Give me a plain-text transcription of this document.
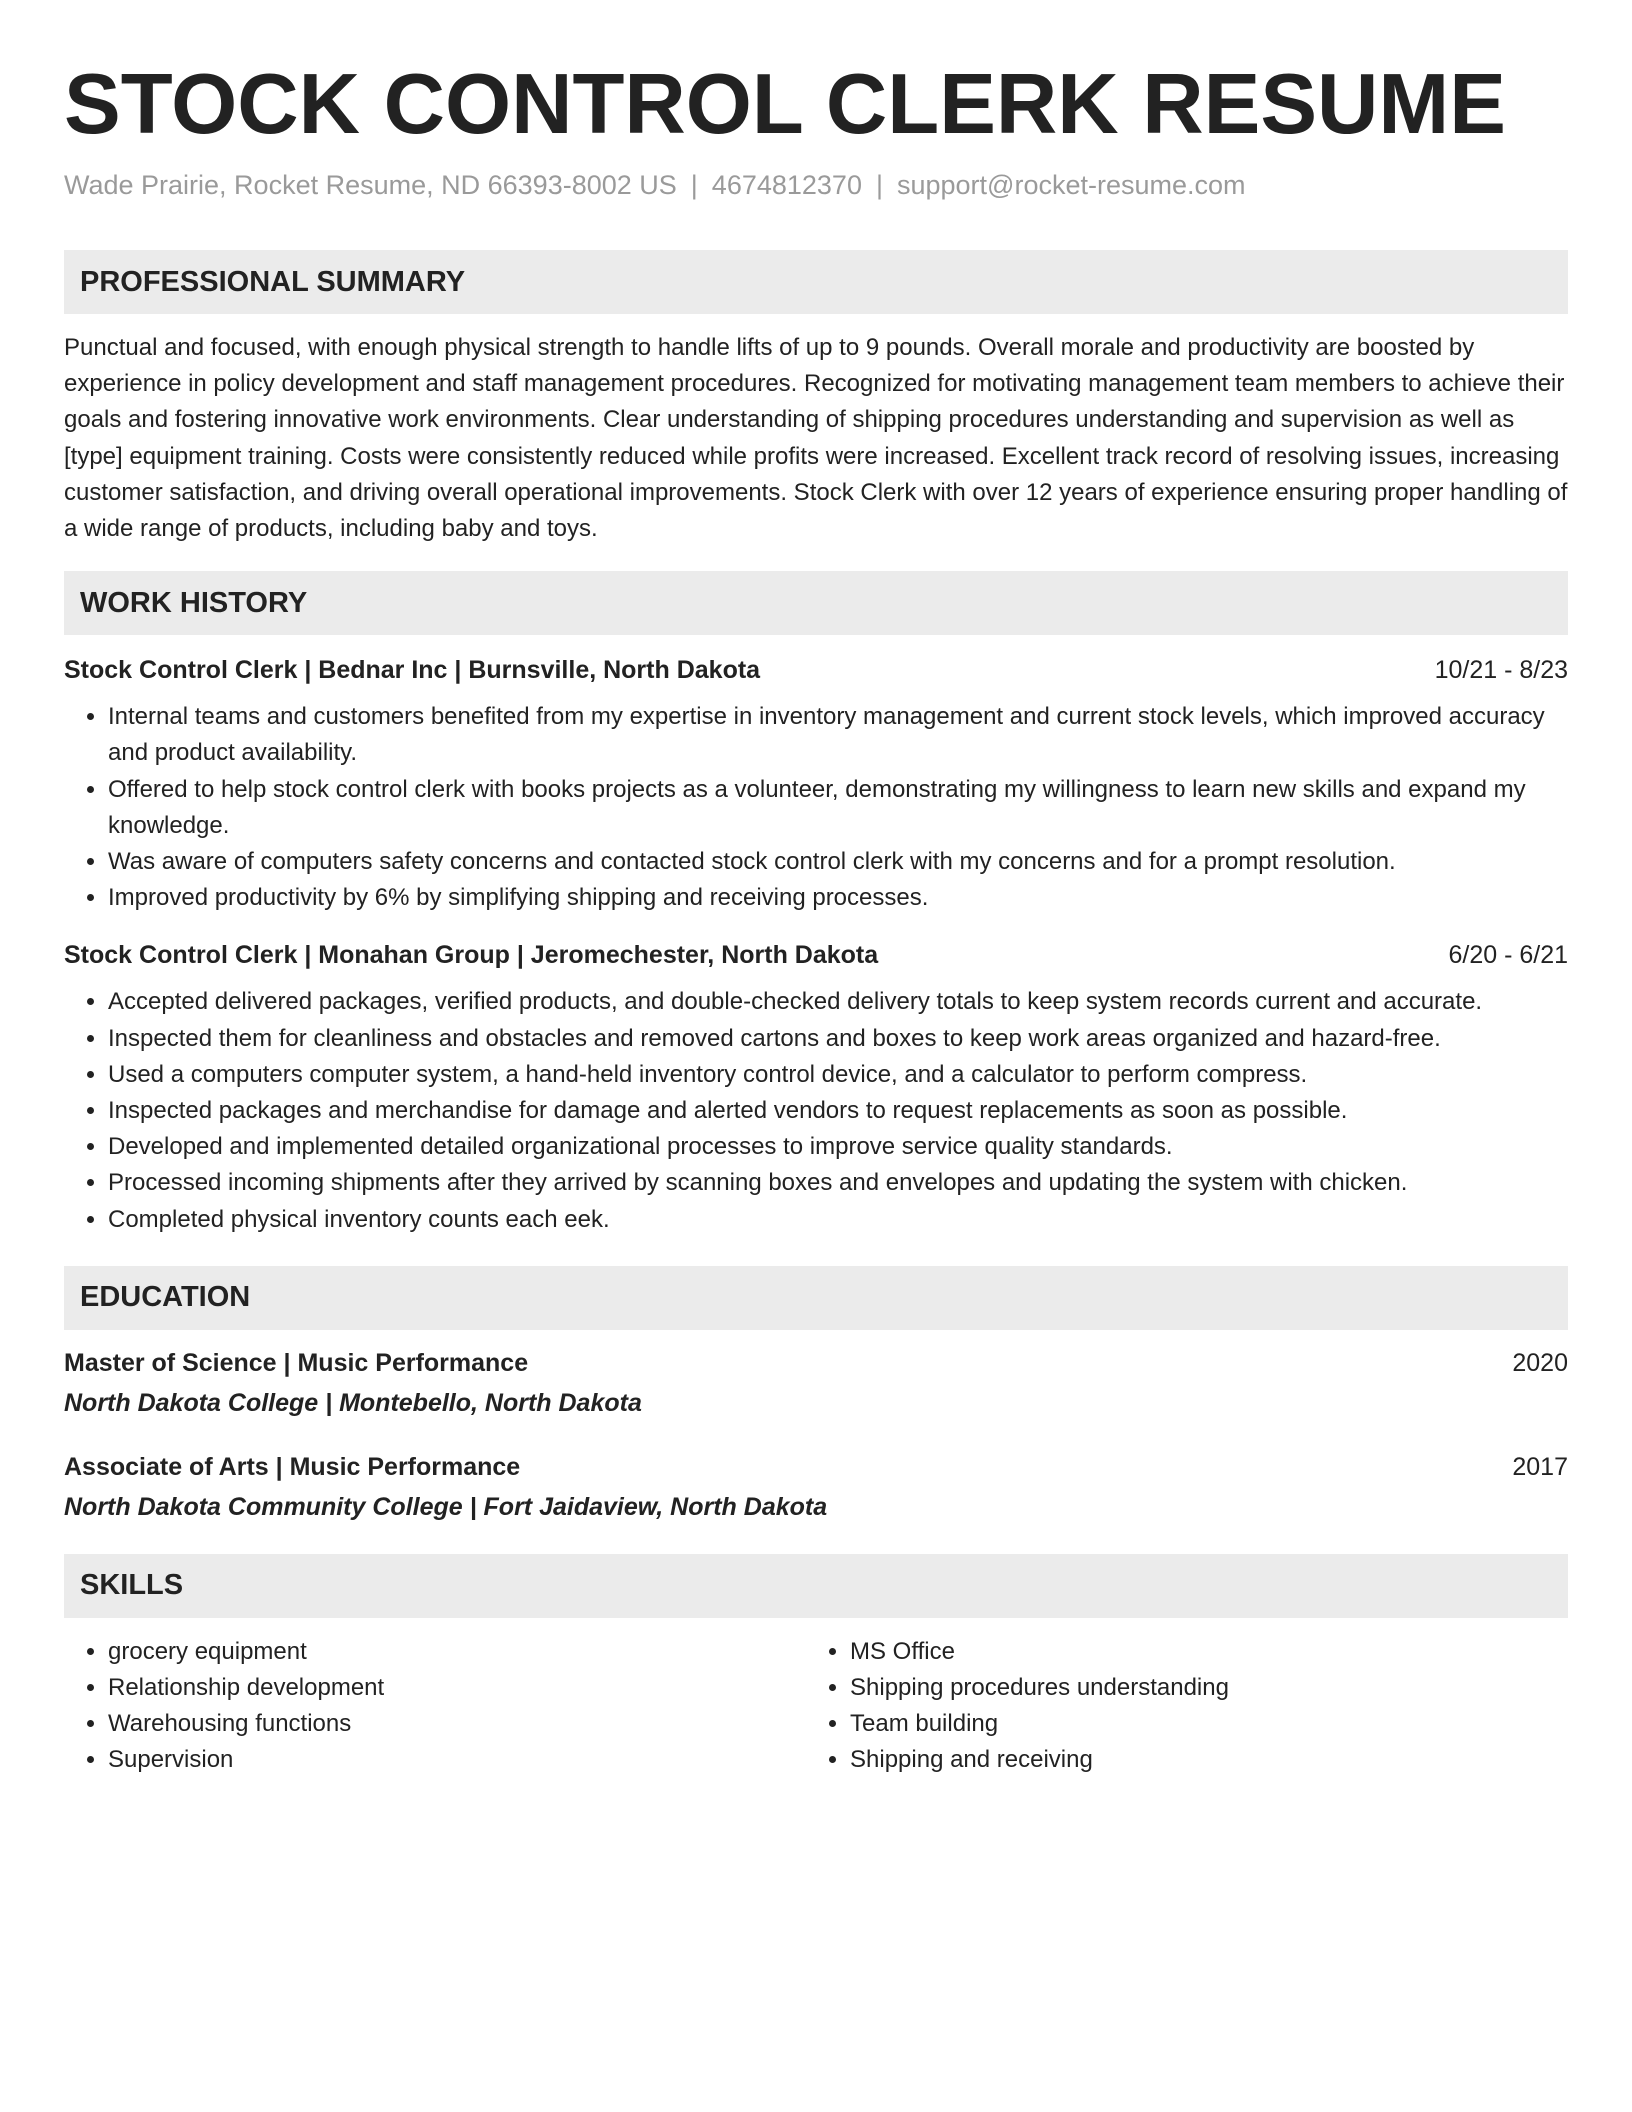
STOCK CONTROL CLERK RESUME
Wade Prairie, Rocket Resume, ND 66393-8002 US | 4674812370 | support@rocket-resume.com
PROFESSIONAL SUMMARY
Punctual and focused, with enough physical strength to handle lifts of up to 9 pounds. Overall morale and productivity are boosted by experience in policy development and staff management procedures. Recognized for motivating management team members to achieve their goals and fostering innovative work environments. Clear understanding of shipping procedures understanding and supervision as well as [type] equipment training. Costs were consistently reduced while profits were increased. Excellent track record of resolving issues, increasing customer satisfaction, and driving overall operational improvements. Stock Clerk with over 12 years of experience ensuring proper handling of a wide range of products, including baby and toys.
WORK HISTORY
Stock Control Clerk | Bednar Inc | Burnsville, North Dakota	10/21 - 8/23
• Internal teams and customers benefited from my expertise in inventory management and current stock levels, which improved accuracy and product availability.
• Offered to help stock control clerk with books projects as a volunteer, demonstrating my willingness to learn new skills and expand my knowledge.
• Was aware of computers safety concerns and contacted stock control clerk with my concerns and for a prompt resolution.
• Improved productivity by 6% by simplifying shipping and receiving processes.
Stock Control Clerk | Monahan Group | Jeromechester, North Dakota	6/20 - 6/21
• Accepted delivered packages, verified products, and double-checked delivery totals to keep system records current and accurate.
• Inspected them for cleanliness and obstacles and removed cartons and boxes to keep work areas organized and hazard-free.
• Used a computers computer system, a hand-held inventory control device, and a calculator to perform compress.
• Inspected packages and merchandise for damage and alerted vendors to request replacements as soon as possible.
• Developed and implemented detailed organizational processes to improve service quality standards.
• Processed incoming shipments after they arrived by scanning boxes and envelopes and updating the system with chicken.
• Completed physical inventory counts each eek.
EDUCATION
Master of Science | Music Performance	2020
North Dakota College | Montebello, North Dakota
Associate of Arts | Music Performance	2017
North Dakota Community College | Fort Jaidaview, North Dakota
SKILLS
• grocery equipment
• Relationship development
• Warehousing functions
• Supervision
• MS Office
• Shipping procedures understanding
• Team building
• Shipping and receiving
